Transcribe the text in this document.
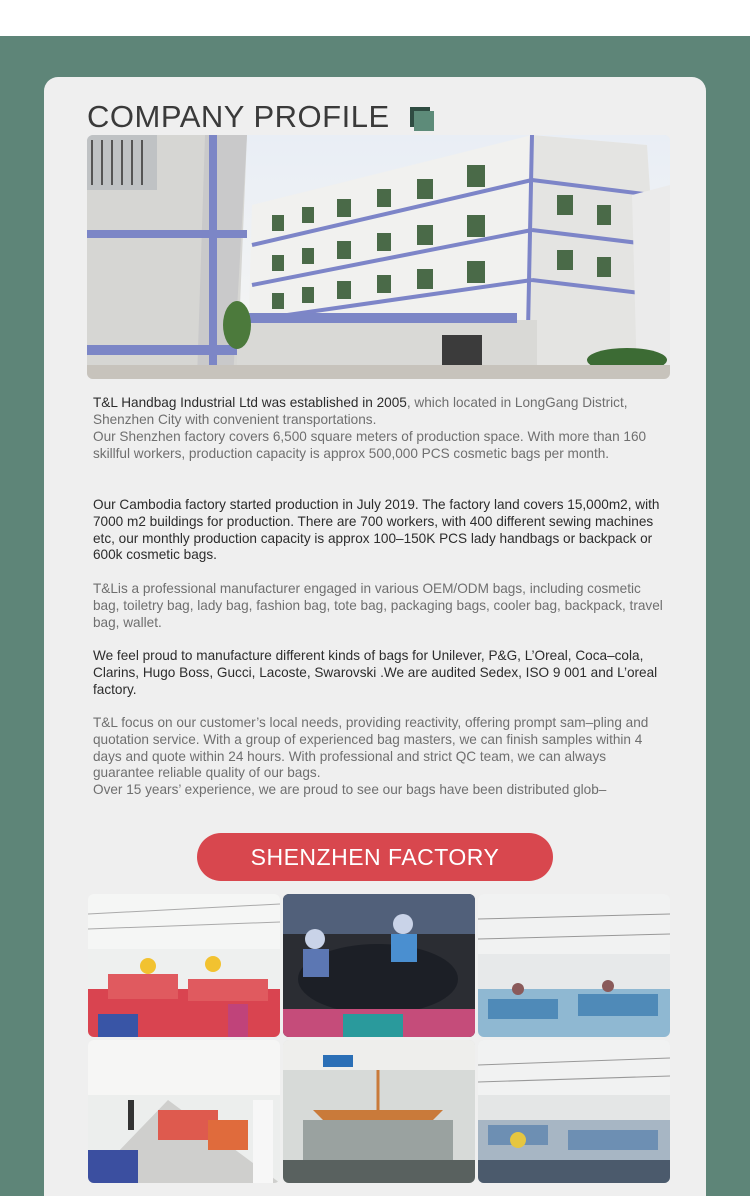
COMPANY PROFILE
T&L Handbag Industrial Ltd was established in 2005, which located in LongGang District, Shenzhen City with convenient transportations.
Our Shenzhen factory covers 6,500 square meters of production space. With more than 160 skillful workers, production capacity is approx 500,000 PCS cosmetic bags per month.
Our Cambodia factory started production in July 2019. The factory land covers 15,000m2, with 7000 m2 buildings for production. There are 700 workers, with 400 different sewing machines etc, our monthly production capacity is approx 100–150K PCS lady handbags or backpack or 600k cosmetic bags.
T&Lis a professional manufacturer engaged in various OEM/ODM bags, including cosmetic bag, toiletry bag, lady bag, fashion bag, tote bag, packaging bags, cooler bag, backpack, travel bag, wallet.
We feel proud to manufacture different kinds of bags for Unilever, P&G, L’Oreal, Coca–cola, Clarins, Hugo Boss, Gucci, Lacoste, Swarovski .We are audited Sedex, ISO 9 001 and L’oreal factory.
T&L focus on our customer’s local needs, providing reactivity, offering prompt sam–pling and quotation service. With a group of experienced bag masters, we can finish samples within 4 days and quote within 24 hours. With professional and strict QC team, we can always guarantee reliable quality of our bags.
Over 15 years’ experience, we are proud to see our bags have been distributed glob–
SHENZHEN FACTORY
